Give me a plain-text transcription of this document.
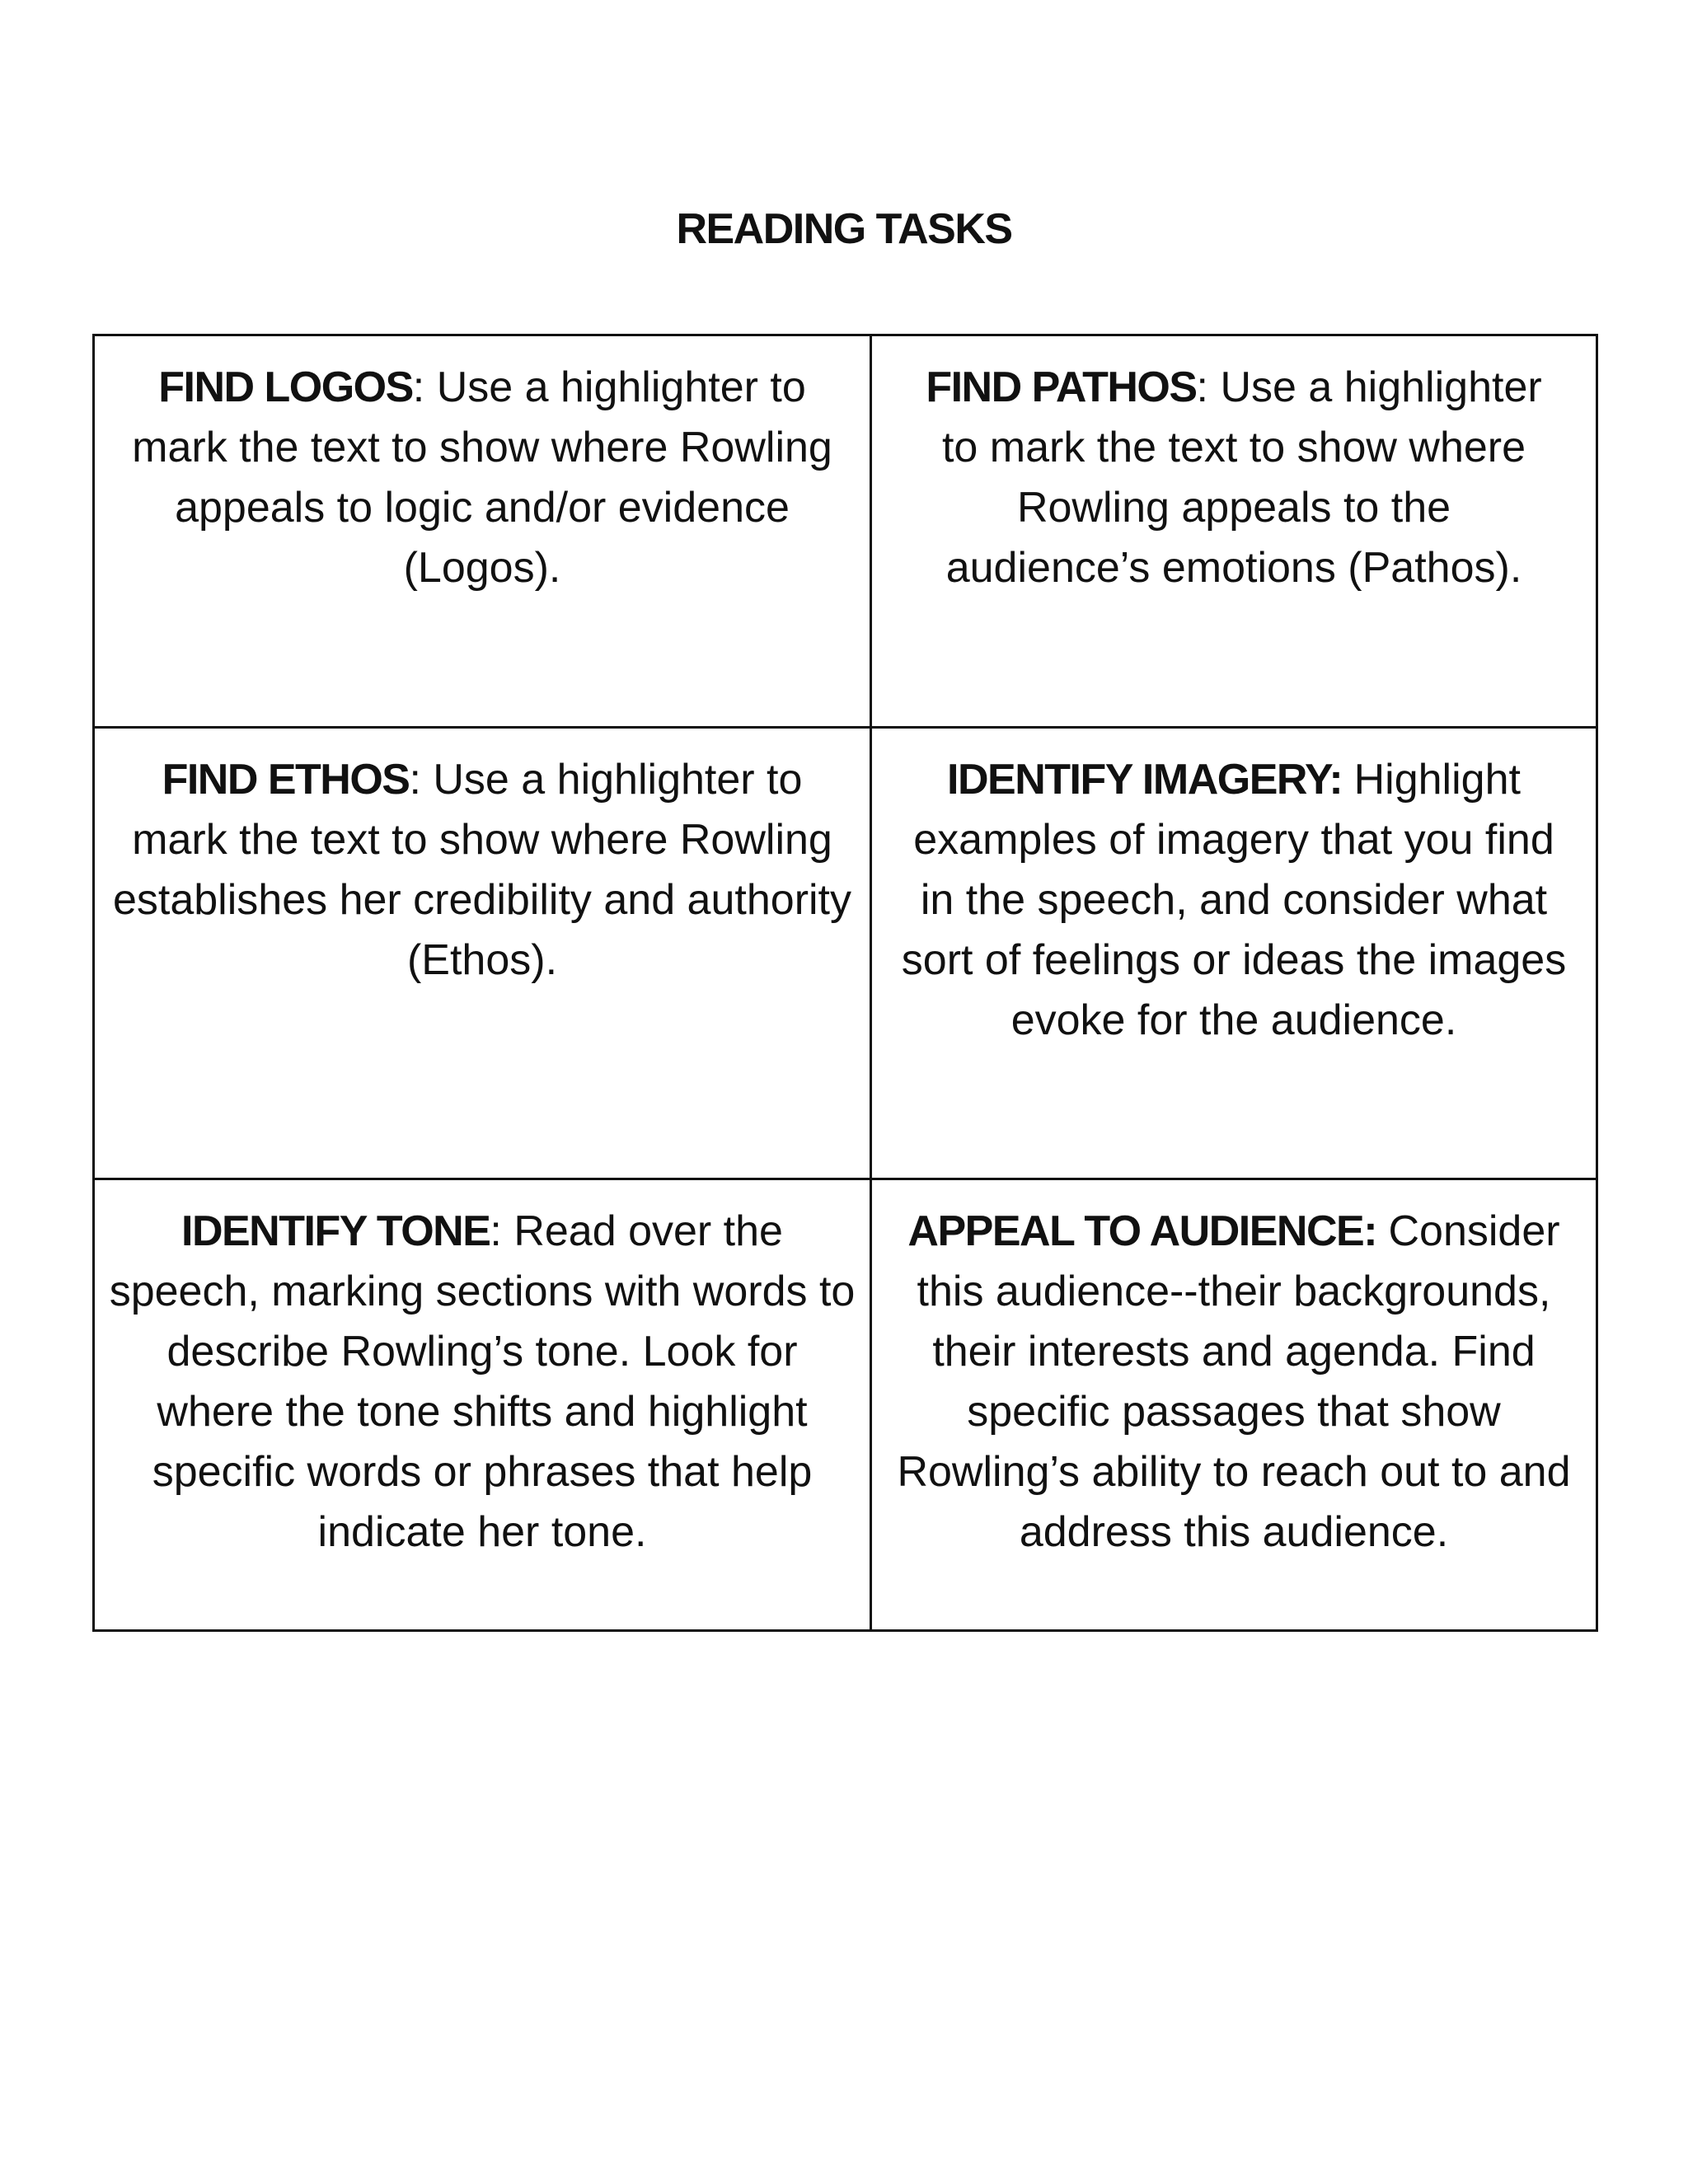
READING TASKS
FIND LOGOS: Use a highlighter to mark the text to show where Rowling appeals to logic and/or evidence (Logos).	FIND PATHOS: Use a highlighter to mark the text to show where Rowling appeals to the audience’s emotions (Pathos).
FIND ETHOS: Use a highlighter to mark the text to show where Rowling establishes her credibility and authority (Ethos).	IDENTIFY IMAGERY: Highlight examples of imagery that you find in the speech, and consider what sort of feelings or ideas the images evoke for the audience.
IDENTIFY TONE: Read over the speech, marking sections with words to describe Rowling’s tone. Look for where the tone shifts and highlight specific words or phrases that help indicate her tone.	APPEAL TO AUDIENCE: Consider this audience--their backgrounds, their interests and agenda. Find specific passages that show Rowling’s ability to reach out to and address this audience.
